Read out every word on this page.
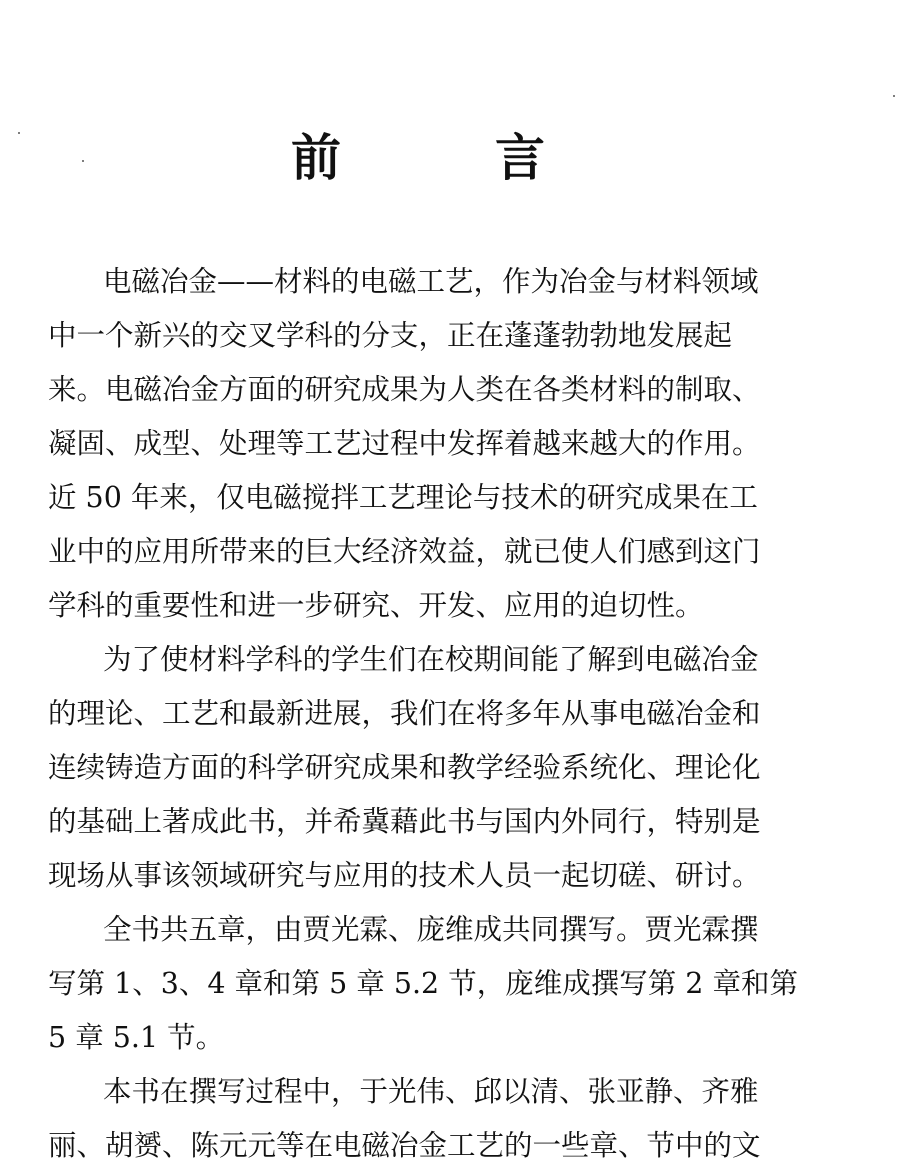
前	言
电磁冶金——材料的电磁工艺，作为冶金与材料领域
中一个新兴的交叉学科的分支，正在蓬蓬勃勃地发展起
来。电磁冶金方面的研究成果为人类在各类材料的制取、
凝固、成型、处理等工艺过程中发挥着越来越大的作用。
近 50 年来，仅电磁搅拌工艺理论与技术的研究成果在工
业中的应用所带来的巨大经济效益，就已使人们感到这门
学科的重要性和进一步研究、开发、应用的迫切性。
为了使材料学科的学生们在校期间能了解到电磁冶金
的理论、工艺和最新进展，我们在将多年从事电磁冶金和
连续铸造方面的科学研究成果和教学经验系统化、理论化
的基础上著成此书，并希冀藉此书与国内外同行，特别是
现场从事该领域研究与应用的技术人员一起切磋、研讨。
全书共五章，由贾光霖、庞维成共同撰写。贾光霖撰
写第 1、3、4 章和第 5 章 5.2 节，庞维成撰写第 2 章和第
5 章 5.1 节。
本书在撰写过程中，于光伟、邱以清、张亚静、齐雅
丽、胡赟、陈元元等在电磁冶金工艺的一些章、节中的文
